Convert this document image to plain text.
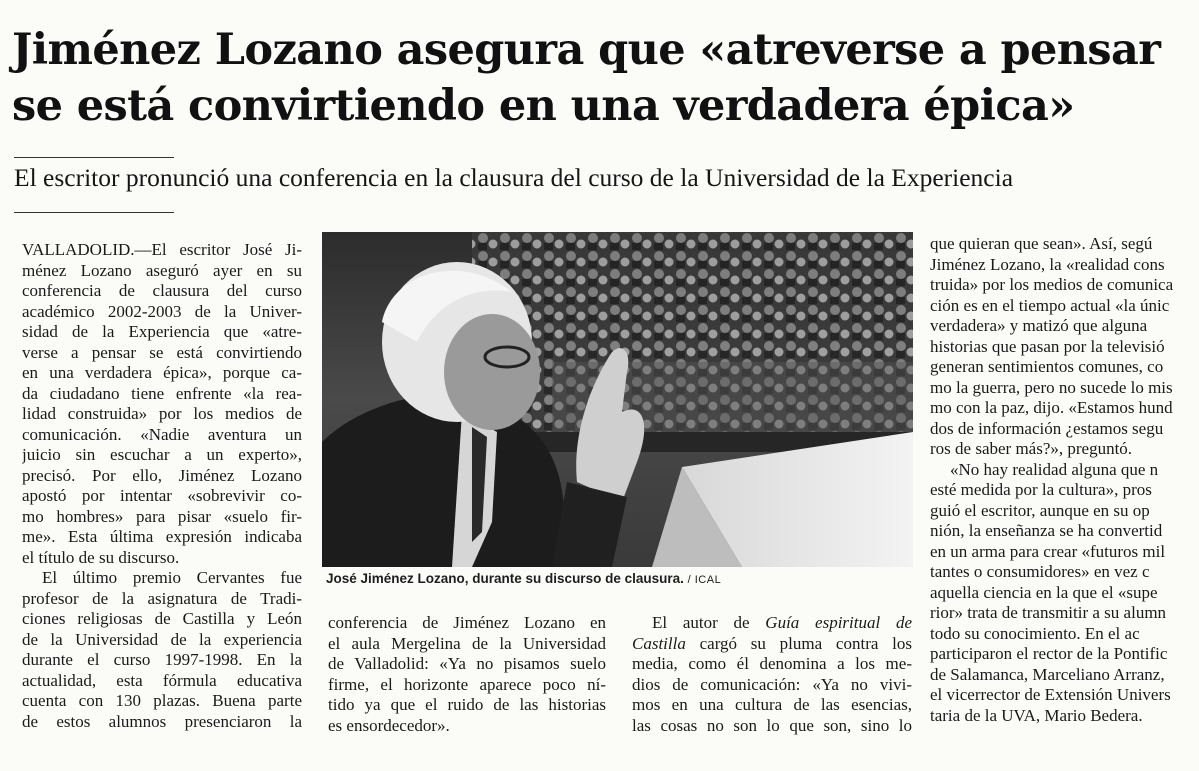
Jiménez Lozano asegura que «atreverse a pensar
se está convirtiendo en una verdadera épica»

El escritor pronunció una conferencia en la clausura del curso de la Universidad de la Experiencia

VALLADOLID.—El escritor José Ji-
ménez Lozano aseguró ayer en su
conferencia de clausura del curso
académico 2002-2003 de la Univer-
sidad de la Experiencia que «atre-
verse a pensar se está convirtiendo
en una verdadera épica», porque ca-
da ciudadano tiene enfrente «la rea-
lidad construida» por los medios de
comunicación. «Nadie aventura un
juicio sin escuchar a un experto»,
precisó. Por ello, Jiménez Lozano
apostó por intentar «sobrevivir co-
mo hombres» para pisar «suelo fir-
me». Esta última expresión indicaba
el título de su discurso.
El último premio Cervantes fue
profesor de la asignatura de Tradi-
ciones religiosas de Castilla y León
de la Universidad de la experiencia
durante el curso 1997-1998. En la
actualidad, esta fórmula educativa
cuenta con 130 plazas. Buena parte
de estos alumnos presenciaron la
José Jiménez Lozano, durante su discurso de clausura. / ICAL
conferencia de Jiménez Lozano en
el aula Mergelina de la Universidad
de Valladolid: «Ya no pisamos suelo
firme, el horizonte aparece poco ní-
tido ya que el ruido de las historias
es ensordecedor».
El autor de Guía espiritual de
Castilla cargó su pluma contra los
media, como él denomina a los me-
dios de comunicación: «Ya no vivi-
mos en una cultura de las esencias,
las cosas no son lo que son, sino lo
que quieran que sean». Así, segú
Jiménez Lozano, la «realidad cons
truida» por los medios de comunica
ción es en el tiempo actual «la únic
verdadera» y matizó que alguna
historias que pasan por la televisió
generan sentimientos comunes, co
mo la guerra, pero no sucede lo mis
mo con la paz, dijo. «Estamos hund
dos de información ¿estamos segu
ros de saber más?», preguntó.
«No hay realidad alguna que n
esté medida por la cultura», pros
guió el escritor, aunque en su op
nión, la enseñanza se ha convertid
en un arma para crear «futuros mil
tantes o consumidores» en vez c
aquella ciencia en la que el «supe
rior» trata de transmitir a su alumn
todo su conocimiento. En el ac
participaron el rector de la Pontific
de Salamanca, Marceliano Arranz,
el vicerrector de Extensión Univers
taria de la UVA, Mario Bedera.
